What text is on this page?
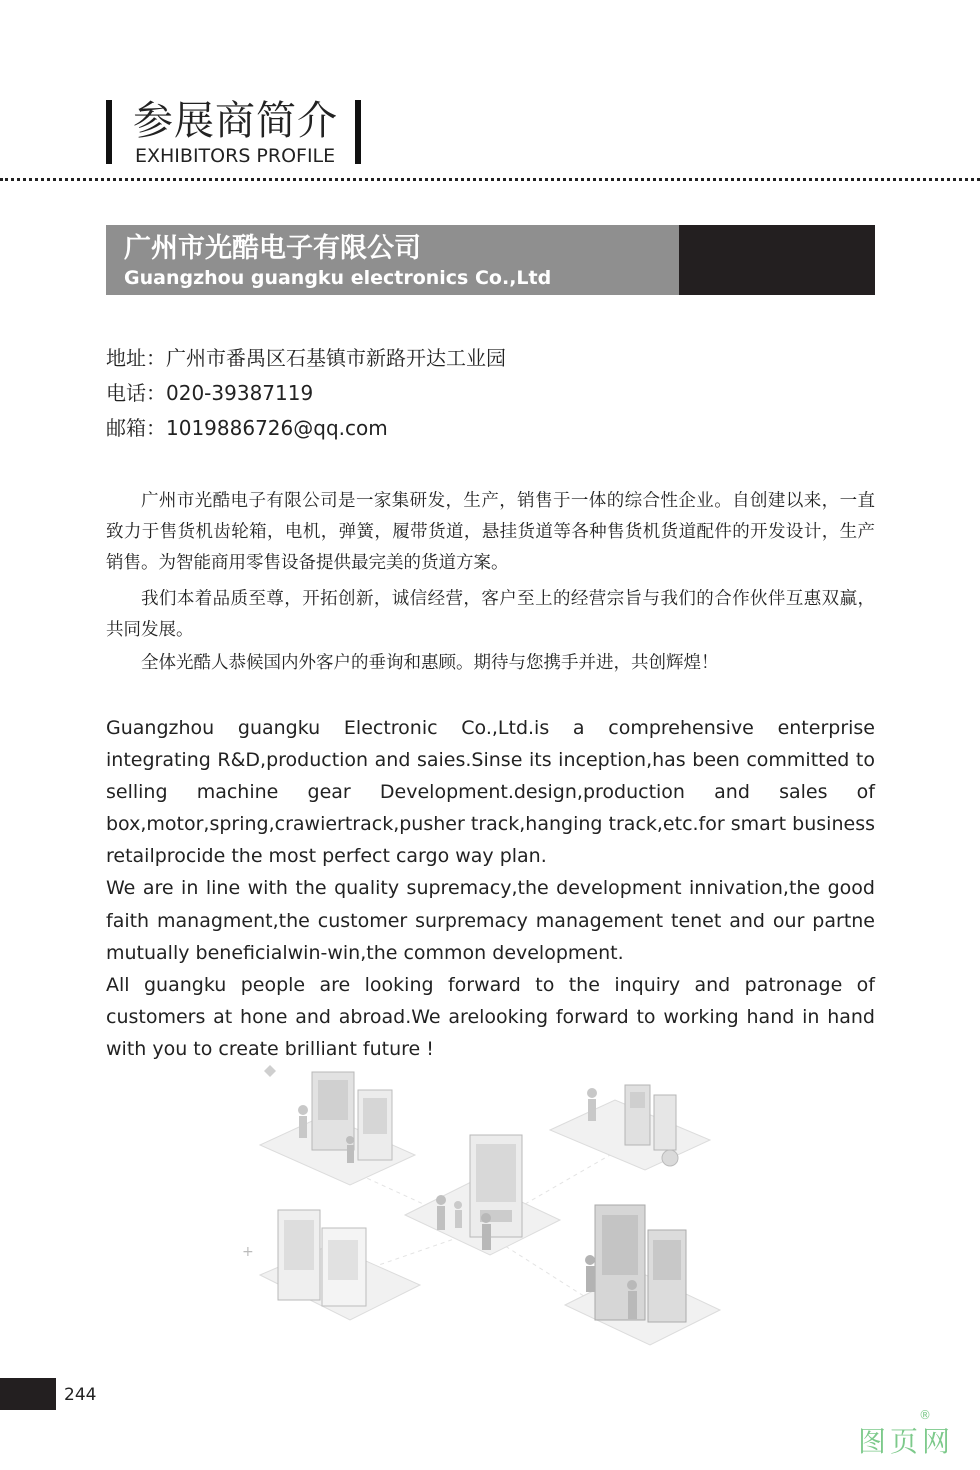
参展商简介
EXHIBITORS PROFILE
广州市光酷电子有限公司
Guangzhou guangku electronics Co.,Ltd
地址：广州市番禺区石基镇市新路开达工业园
电话：020-39387119
邮箱：1019886726@qq.com
广州市光酷电子有限公司是一家集研发，生产，销售于一体的综合性企业。自创建以来，一直致力于售货机齿轮箱，电机，弹簧，履带货道，悬挂货道等各种售货机货道配件的开发设计，生产销售。为智能商用零售设备提供最完美的货道方案。
我们本着品质至尊，开拓创新，诚信经营，客户至上的经营宗旨与我们的合作伙伴互惠双赢，共同发展。
全体光酷人恭候国内外客户的垂询和惠顾。期待与您携手并进，共创辉煌！

Guangzhou guangku Electronic Co.,Ltd.is a comprehensive enterprise integrating R&D,production and saies.Sinse its inception,has been committed to selling machine gear Development.design,production and sales of box,motor,spring,crawiertrack,pusher track,hanging track,etc.for smart business retailprocide the most perfect cargo way plan.

We are in line with the quality supremacy,the development innivation,the good faith managment,the customer surpremacy management tenet and our partne mutually beneficialwin-win,the common development.

All guangku people are looking forward to the inquiry and patronage of customers at hone and abroad.We arelooking forward to working hand in hand with you to create brilliant future !

+
244
图页网
®
